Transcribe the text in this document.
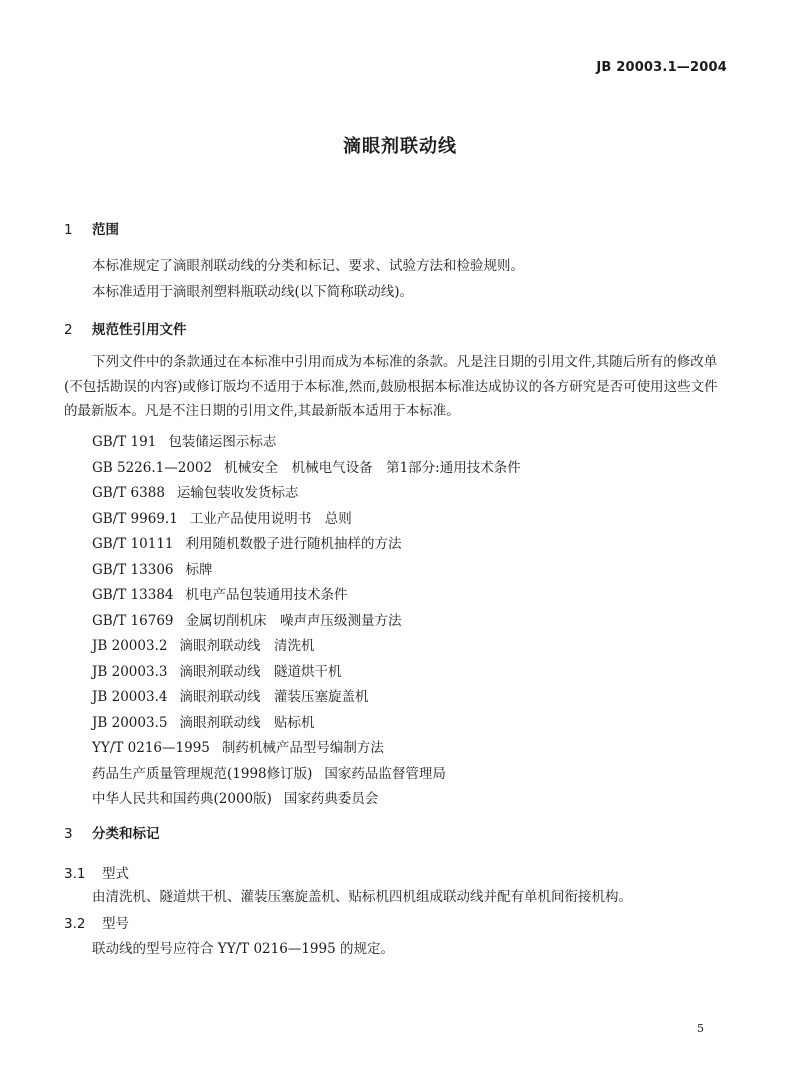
JB 20003.1—2004
滴眼剂联动线
1 范围
本标准规定了滴眼剂联动线的分类和标记、要求、试验方法和检验规则。
本标准适用于滴眼剂塑料瓶联动线(以下简称联动线)。
2 规范性引用文件
下列文件中的条款通过在本标准中引用而成为本标准的条款。凡是注日期的引用文件,其随后所有的修改单(不包括勘误的内容)或修订版均不适用于本标准,然而,鼓励根据本标准达成协议的各方研究是否可使用这些文件的最新版本。凡是不注日期的引用文件,其最新版本适用于本标准。
GB/T 191 包装储运图示标志
GB 5226.1—2002 机械安全　机械电气设备　第1部分:通用技术条件
GB/T 6388 运输包装收发货标志
GB/T 9969.1 工业产品使用说明书　总则
GB/T 10111 利用随机数骰子进行随机抽样的方法
GB/T 13306 标牌
GB/T 13384 机电产品包装通用技术条件
GB/T 16769 金属切削机床　噪声声压级测量方法
JB 20003.2 滴眼剂联动线　清洗机
JB 20003.3 滴眼剂联动线　隧道烘干机
JB 20003.4 滴眼剂联动线　灌装压塞旋盖机
JB 20003.5 滴眼剂联动线　贴标机
YY/T 0216—1995 制药机械产品型号编制方法
药品生产质量管理规范(1998修订版) 国家药品监督管理局
中华人民共和国药典(2000版) 国家药典委员会
3 分类和标记
3.1 型式
由清洗机、隧道烘干机、灌装压塞旋盖机、贴标机四机组成联动线并配有单机间衔接机构。
3.2 型号
联动线的型号应符合 YY/T 0216—1995 的规定。
5
